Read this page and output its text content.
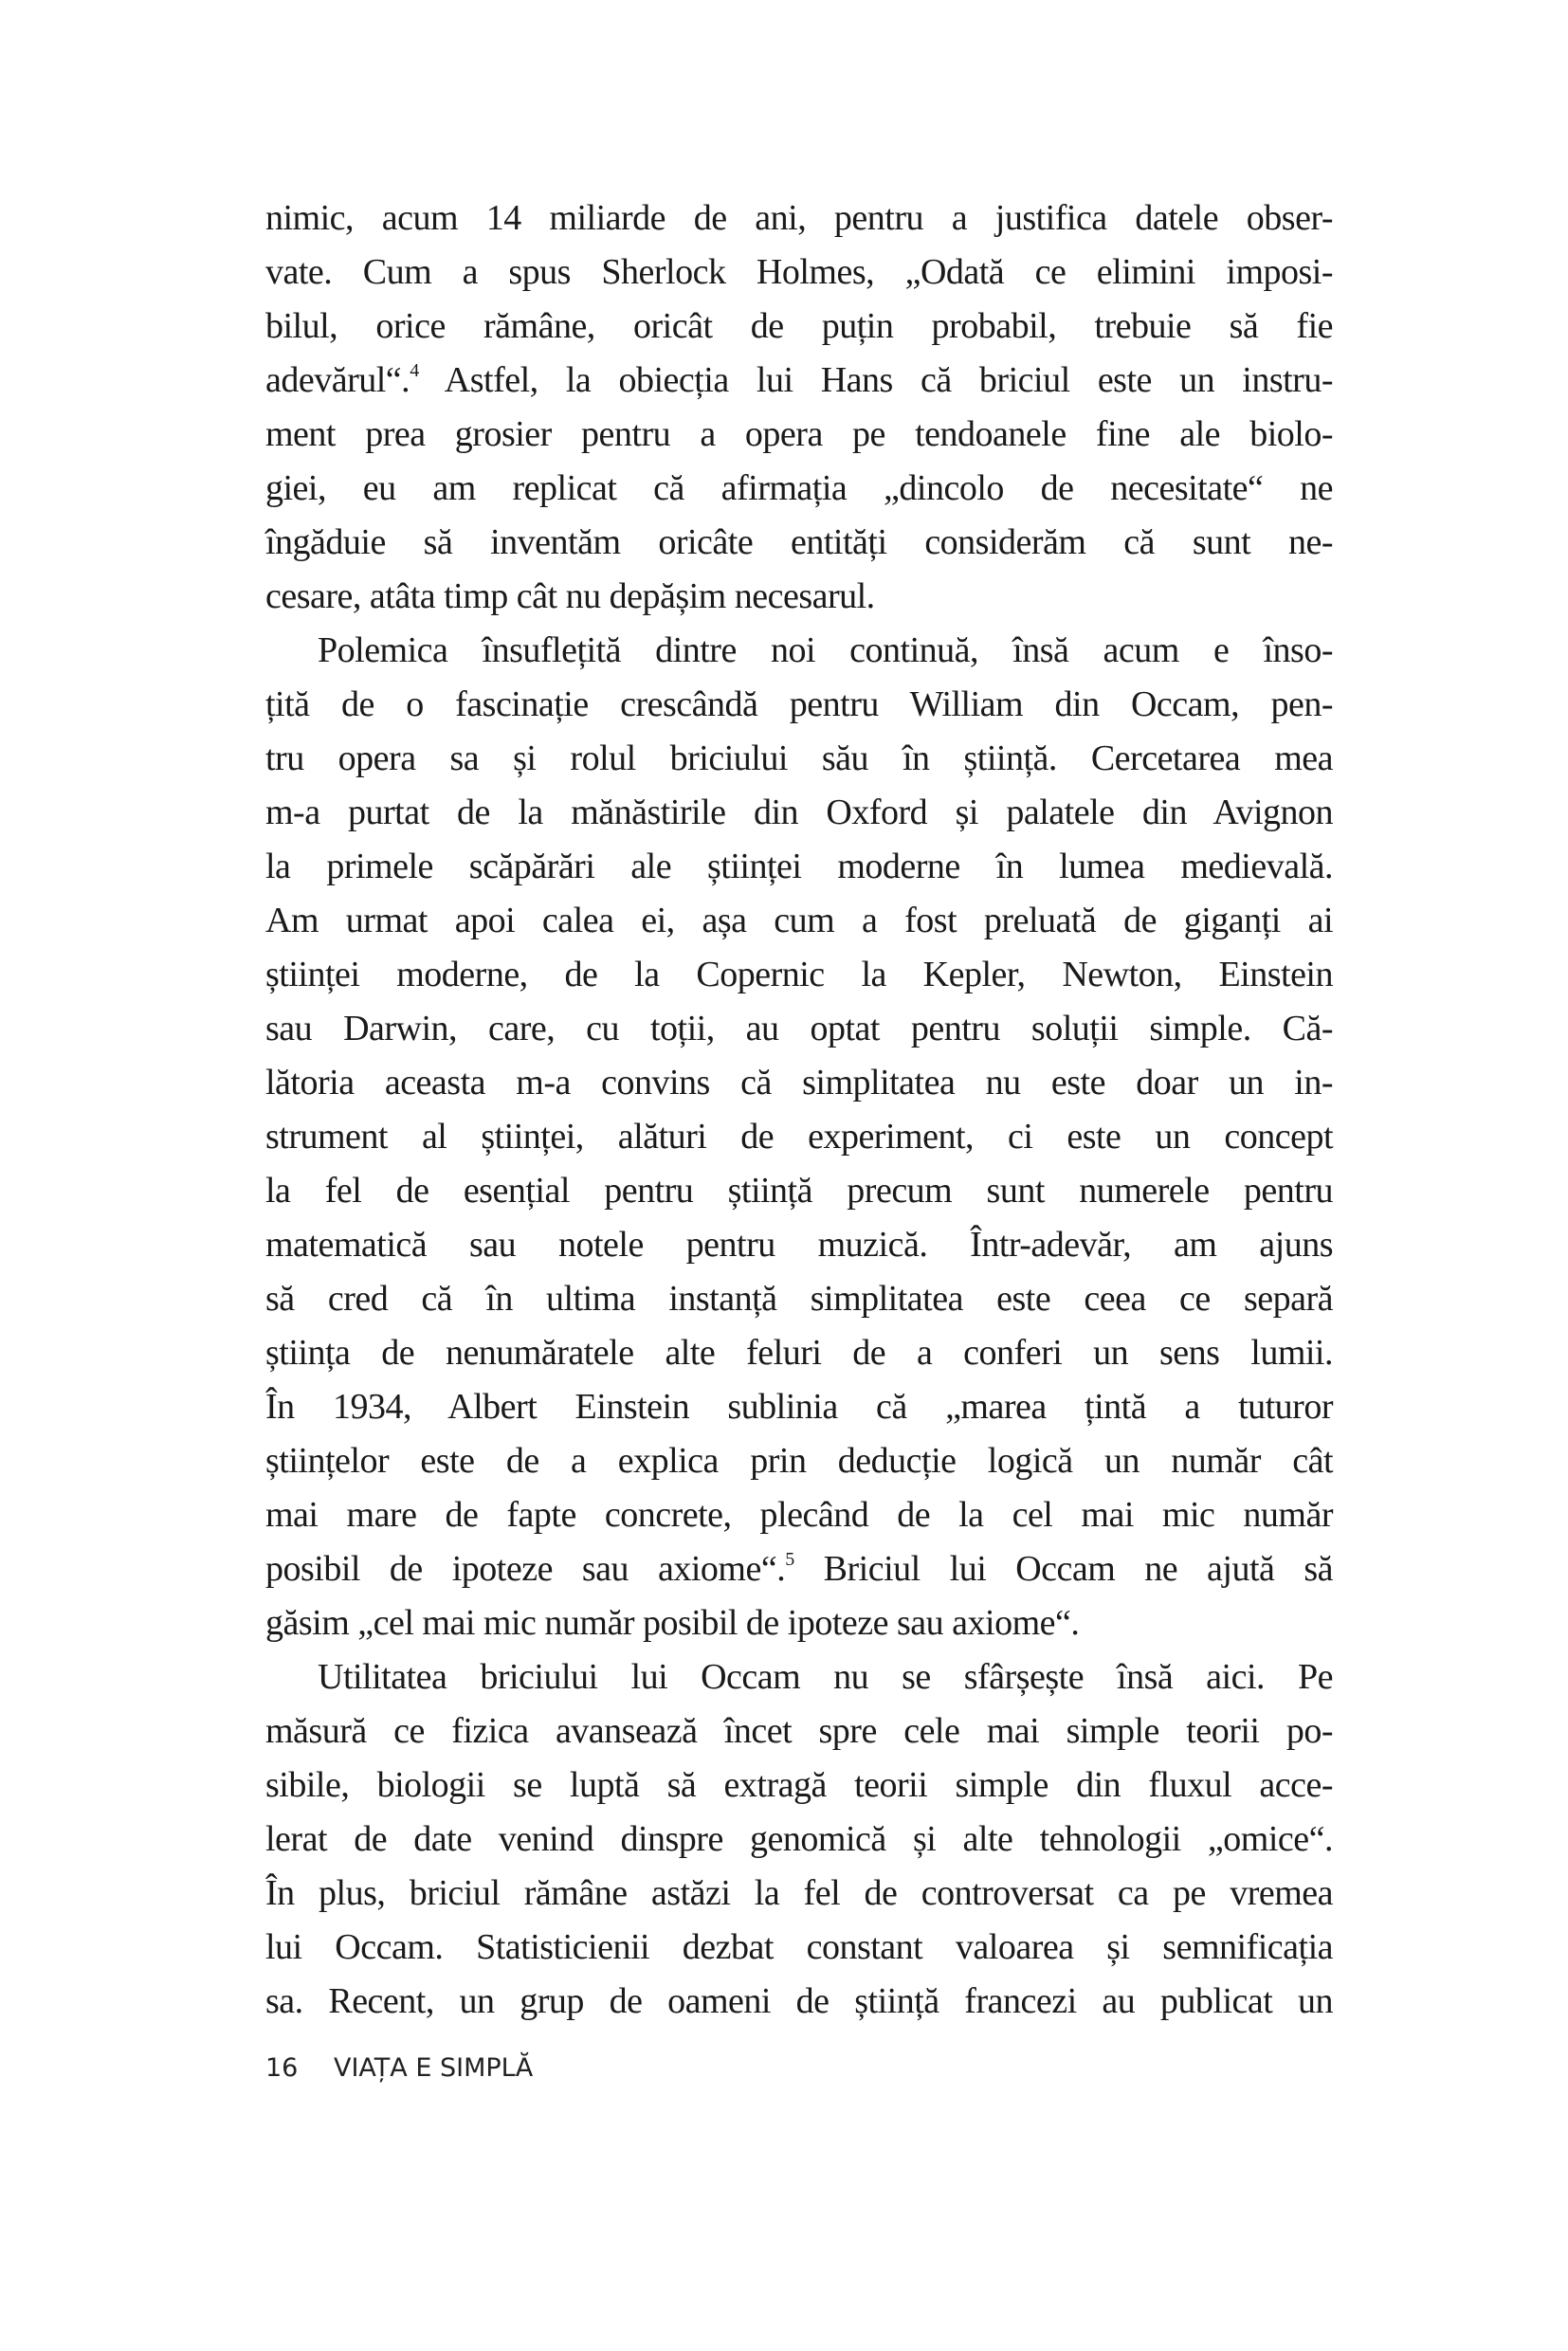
nimic, acum 14 miliarde de ani, pentru a justifica datele obser-
vate. Cum a spus Sherlock Holmes, „Odată ce elimini imposi-
bilul, orice rămâne, oricât de puțin probabil, trebuie să fie
adevărul“.$^4$ Astfel, la obiecția lui Hans că briciul este un instru-
ment prea grosier pentru a opera pe tendoanele fine ale biolo-
giei, eu am replicat că afirmația „dincolo de necesitate“ ne
îngăduie să inventăm oricâte entități considerăm că sunt ne-
cesare, atâta timp cât nu depășim necesarul.
Polemica însuflețită dintre noi continuă, însă acum e înso-
țită de o fascinație crescândă pentru William din Occam, pen-
tru opera sa și rolul briciului său în știință. Cercetarea mea
m-a purtat de la mănăstirile din Oxford și palatele din Avignon
la primele scăpărări ale științei moderne în lumea medievală.
Am urmat apoi calea ei, așa cum a fost preluată de giganți ai
științei moderne, de la Copernic la Kepler, Newton, Einstein
sau Darwin, care, cu toții, au optat pentru soluții simple. Că-
lătoria aceasta m-a convins că simplitatea nu este doar un in-
strument al științei, alături de experiment, ci este un concept
la fel de esențial pentru știință precum sunt numerele pentru
matematică sau notele pentru muzică. Într-adevăr, am ajuns
să cred că în ultima instanță simplitatea este ceea ce separă
știința de nenumăratele alte feluri de a conferi un sens lumii.
În 1934, Albert Einstein sublinia că „marea țintă a tuturor
științelor este de a explica prin deducție logică un număr cât
mai mare de fapte concrete, plecând de la cel mai mic număr
posibil de ipoteze sau axiome“.$^5$ Briciul lui Occam ne ajută să
găsim „cel mai mic număr posibil de ipoteze sau axiome“.
Utilitatea briciului lui Occam nu se sfârșește însă aici. Pe
măsură ce fizica avansează încet spre cele mai simple teorii po-
sibile, biologii se luptă să extragă teorii simple din fluxul acce-
lerat de date venind dinspre genomică și alte tehnologii „omice“.
În plus, briciul rămâne astăzi la fel de controversat ca pe vremea
lui Occam. Statisticienii dezbat constant valoarea și semnificația
sa. Recent, un grup de oameni de știință francezi au publicat un
16 VIAȚA E SIMPLĂ
